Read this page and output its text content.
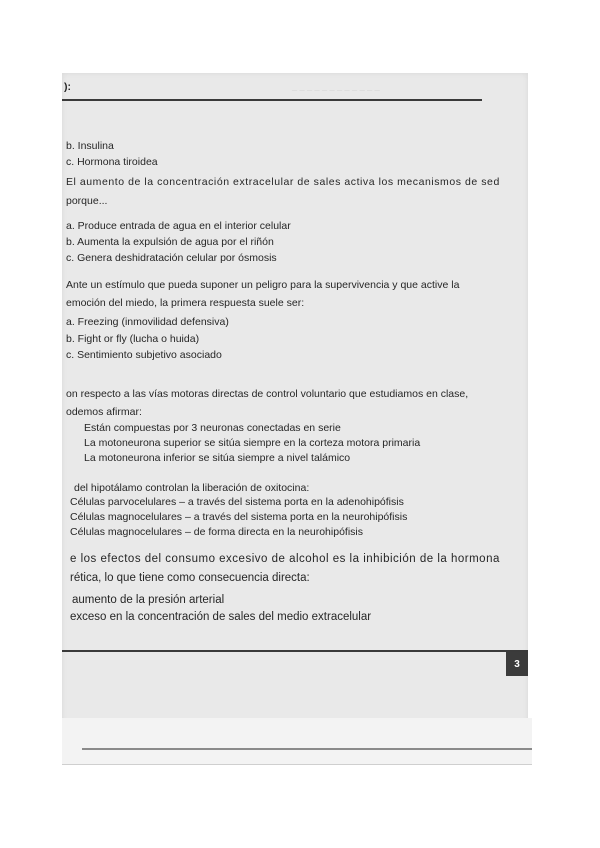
_ _ _ _ _ _ _ _ _ _ _ _
):
b. Insulina
c. Hormona tiroidea
El aumento de la concentración extracelular de sales activa los mecanismos de sed
porque...
a. Produce entrada de agua en el interior celular
b. Aumenta la expulsión de agua por el riñón
c. Genera deshidratación celular por ósmosis
Ante un estímulo que pueda suponer un peligro para la supervivencia y que active la
emoción del miedo, la primera respuesta suele ser:
a. Freezing (inmovilidad defensiva)
b. Fight or fly (lucha o huida)
c. Sentimiento subjetivo asociado
on respecto a las vías motoras directas de control voluntario que estudiamos en clase,
odemos afirmar:
Están compuestas por 3 neuronas conectadas en serie
La motoneurona superior se sitúa siempre en la corteza motora primaria
La motoneurona inferior se sitúa siempre a nivel talámico
del hipotálamo controlan la liberación de oxitocina:
Células parvocelulares – a través del sistema porta en la adenohipófisis
Células magnocelulares – a través del sistema porta en la neurohipófisis
Células magnocelulares – de forma directa en la neurohipófisis
e los efectos del consumo excesivo de alcohol es la inhibición de la hormona
rética, lo que tiene como consecuencia directa:
aumento de la presión arterial
exceso en la concentración de sales del medio extracelular
3
